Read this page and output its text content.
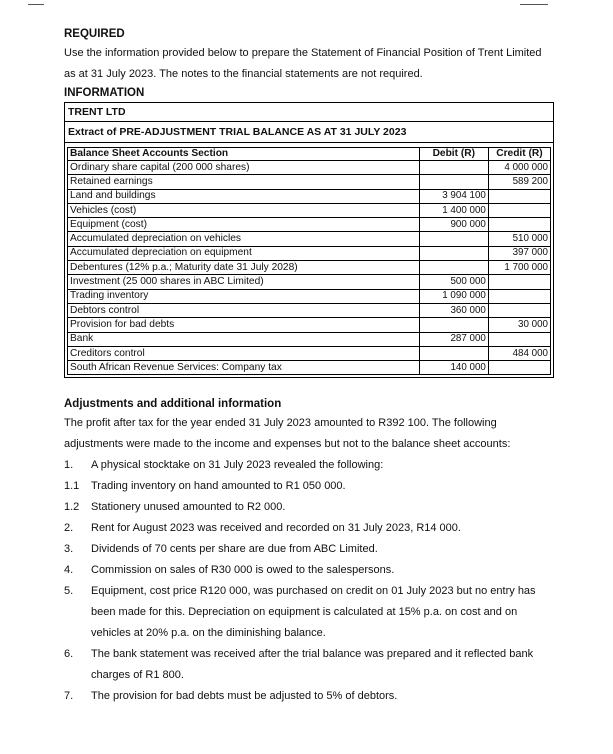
REQUIRED

Use the information provided below to prepare the Statement of Financial Position of Trent Limited as at 31 July 2023. The notes to the financial statements are not required.

INFORMATION

TRENT LTD
Extract of PRE-ADJUSTMENT TRIAL BALANCE AS AT 31 JULY 2023
Balance Sheet Accounts Section	Debit (R)	Credit (R)
Ordinary share capital (200 000 shares)		4 000 000
Retained earnings		589 200
Land and buildings	3 904 100	
Vehicles (cost)	1 400 000	
Equipment (cost)	900 000	
Accumulated depreciation on vehicles		510 000
Accumulated depreciation on equipment		397 000
Debentures (12% p.a.; Maturity date 31 July 2028)		1 700 000
Investment (25 000 shares in ABC Limited)	500 000	
Trading inventory	1 090 000	
Debtors control	360 000	
Provision for bad debts		30 000
Bank	287 000	
Creditors control		484 000
South African Revenue Services: Company tax	140 000	

Adjustments and additional information

The profit after tax for the year ended 31 July 2023 amounted to R392 100. The following adjustments were made to the income and expenses but not to the balance sheet accounts:

1.	A physical stocktake on 31 July 2023 revealed the following:
1.1	Trading inventory on hand amounted to R1 050 000.
1.2	Stationery unused amounted to R2 000.
2.	Rent for August 2023 was received and recorded on 31 July 2023, R14 000.
3.	Dividends of 70 cents per share are due from ABC Limited.
4.	Commission on sales of R30 000 is owed to the salespersons.
5.	Equipment, cost price R120 000, was purchased on credit on 01 July 2023 but no entry has been made for this. Depreciation on equipment is calculated at 15% p.a. on cost and on vehicles at 20% p.a. on the diminishing balance.
6.	The bank statement was received after the trial balance was prepared and it reflected bank charges of R1 800.
7.	The provision for bad debts must be adjusted to 5% of debtors.
